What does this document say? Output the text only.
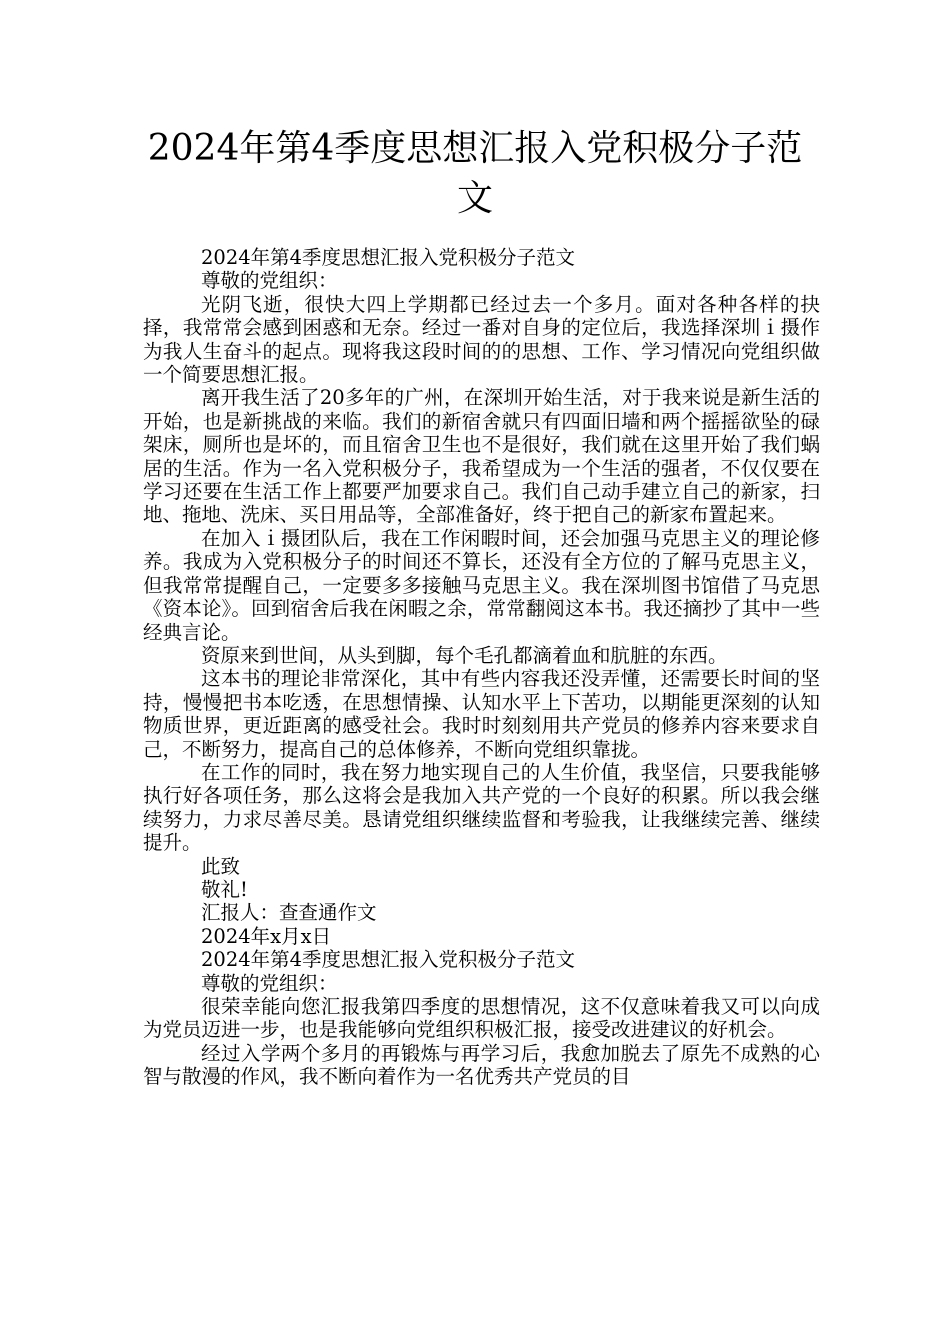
2024年第4季度思想汇报入党积极分子范文

2024年第4季度思想汇报入党积极分子范文

尊敬的党组织：

光阴飞逝，很快大四上学期都已经过去一个多月。面对各种各样的抉择，我常常会感到困惑和无奈。经过一番对自身的定位后，我选择深圳ｉ摄作为我人生奋斗的起点。现将我这段时间的的思想、工作、学习情况向党组织做一个简要思想汇报。

离开我生活了20多年的广州，在深圳开始生活，对于我来说是新生活的开始，也是新挑战的来临。我们的新宿舍就只有四面旧墙和两个摇摇欲坠的碌架床，厕所也是坏的，而且宿舍卫生也不是很好，我们就在这里开始了我们蜗居的生活。作为一名入党积极分子，我希望成为一个生活的强者，不仅仅要在学习还要在生活工作上都要严加要求自己。我们自己动手建立自己的新家，扫地、拖地、洗床、买日用品等，全部准备好，终于把自己的新家布置起来。

在加入ｉ摄团队后，我在工作闲暇时间，还会加强马克思主义的理论修养。我成为入党积极分子的时间还不算长，还没有全方位的了解马克思主义，但我常常提醒自己，一定要多多接触马克思主义。我在深圳图书馆借了马克思《资本论》。回到宿舍后我在闲暇之余，常常翻阅这本书。我还摘抄了其中一些经典言论。

资原来到世间，从头到脚，每个毛孔都滴着血和肮脏的东西。

这本书的理论非常深化，其中有些内容我还没弄懂，还需要长时间的坚持，慢慢把书本吃透，在思想情操、认知水平上下苦功，以期能更深刻的认知物质世界，更近距离的感受社会。我时时刻刻用共产党员的修养内容来要求自己，不断努力，提高自己的总体修养，不断向党组织靠拢。

在工作的同时，我在努力地实现自己的人生价值，我坚信，只要我能够执行好各项任务，那么这将会是我加入共产党的一个良好的积累。所以我会继续努力，力求尽善尽美。恳请党组织继续监督和考验我，让我继续完善、继续提升。

此致

敬礼!

汇报人：查查通作文

2024年x月x日

2024年第4季度思想汇报入党积极分子范文

尊敬的党组织：

很荣幸能向您汇报我第四季度的思想情况，这不仅意味着我又可以向成为党员迈进一步，也是我能够向党组织积极汇报，接受改进建议的好机会。

经过入学两个多月的再锻炼与再学习后，我愈加脱去了原先不成熟的心智与散漫的作风，我不断向着作为一名优秀共产党员的目
